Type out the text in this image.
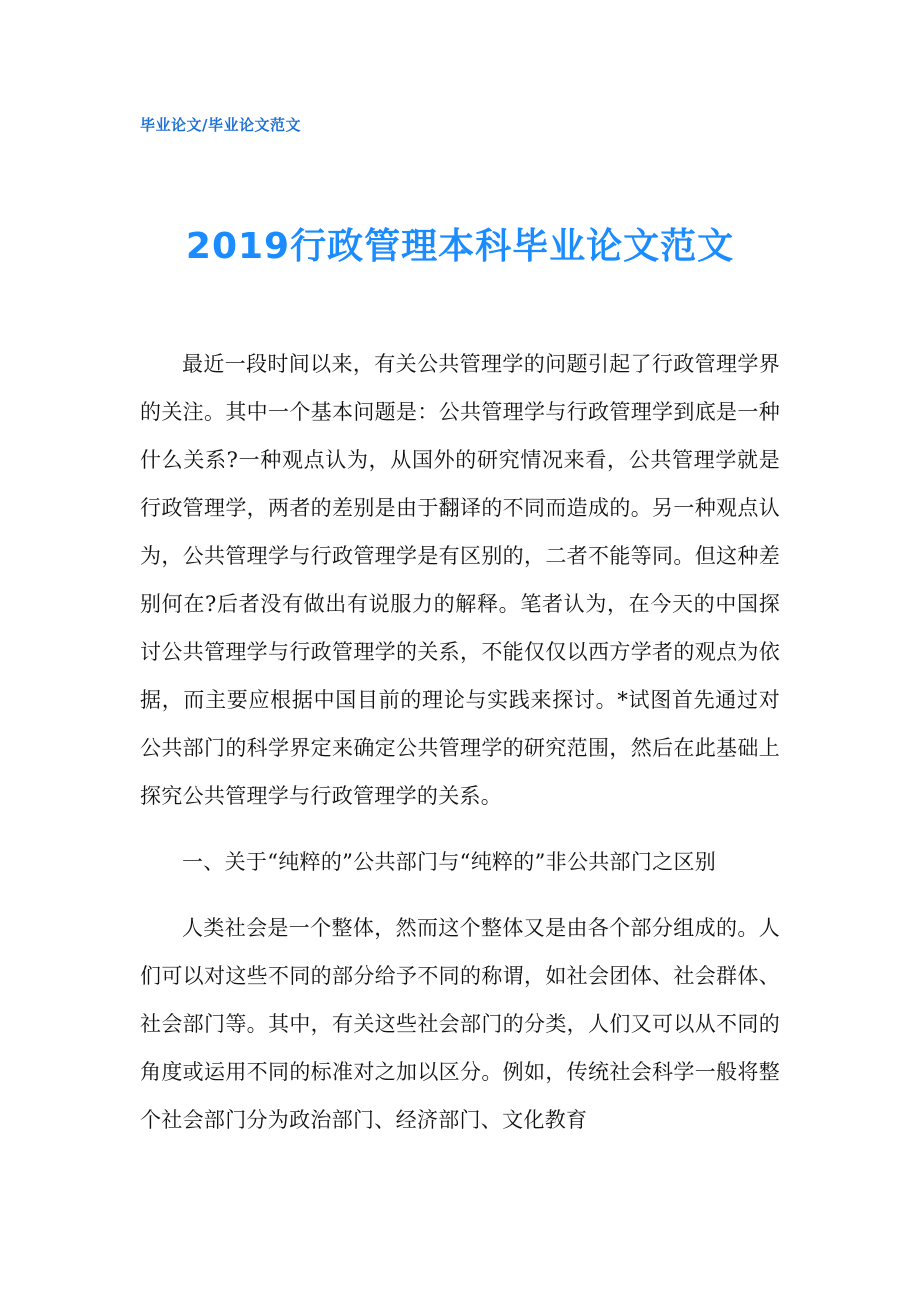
毕业论文/毕业论文范文
2019行政管理本科毕业论文范文

最近一段时间以来，有关公共管理学的问题引起了行政管理学界的关注。其中一个基本问题是：公共管理学与行政管理学到底是一种什么关系?一种观点认为，从国外的研究情况来看，公共管理学就是行政管理学，两者的差别是由于翻译的不同而造成的。另一种观点认为，公共管理学与行政管理学是有区别的，二者不能等同。但这种差别何在?后者没有做出有说服力的解释。笔者认为，在今天的中国探讨公共管理学与行政管理学的关系，不能仅仅以西方学者的观点为依据，而主要应根据中国目前的理论与实践来探讨。*试图首先通过对公共部门的科学界定来确定公共管理学的研究范围，然后在此基础上探究公共管理学与行政管理学的关系。

一、关于“纯粹的”公共部门与“纯粹的”非公共部门之区别

人类社会是一个整体，然而这个整体又是由各个部分组成的。人们可以对这些不同的部分给予不同的称谓，如社会团体、社会群体、社会部门等。其中，有关这些社会部门的分类，人们又可以从不同的角度或运用不同的标准对之加以区分。例如，传统社会科学一般将整个社会部门分为政治部门、经济部门、文化教育
